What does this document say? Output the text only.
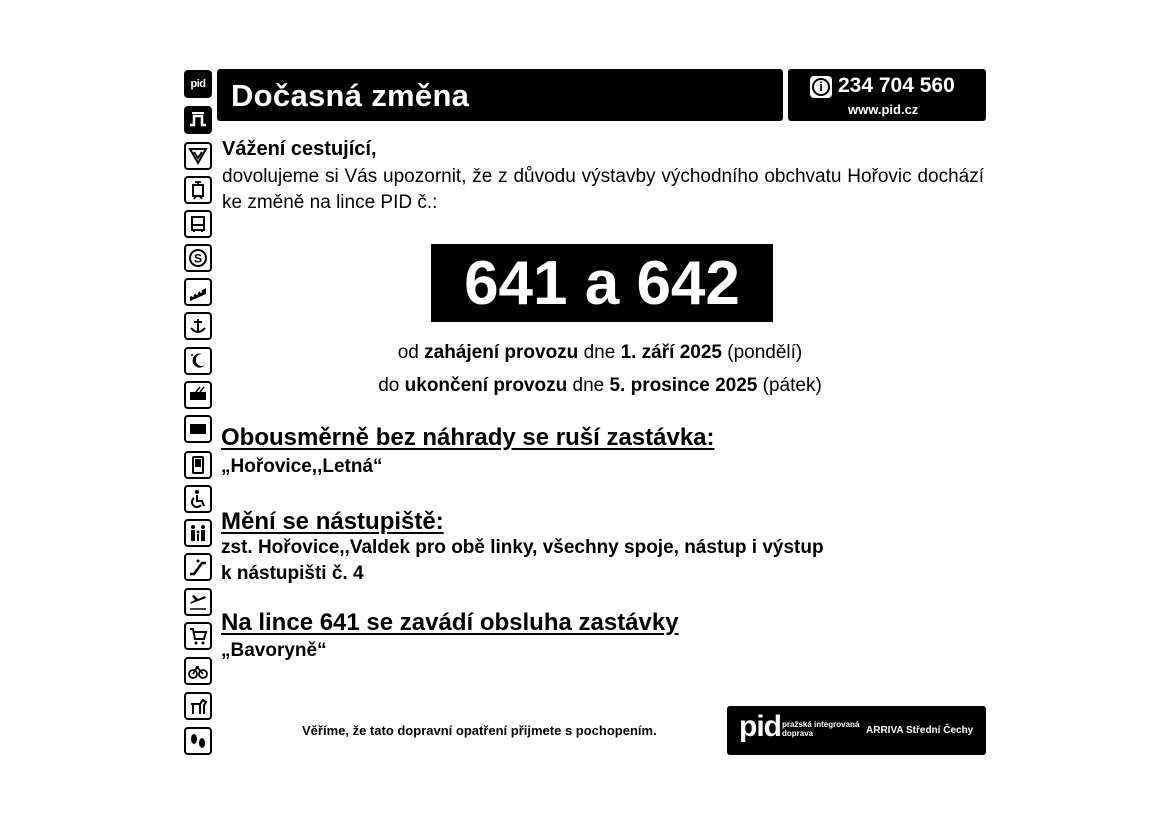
pid
S
Dočasná změna	i 234 704 560
www.pid.cz
Vážení cestující,
dovolujeme si Vás upozornit, že z důvodu výstavby východního obchvatu Hořovic dochází ke změně na lince PID č.:
641 a 642
od zahájení provozu dne 1. září 2025 (pondělí)
do ukončení provozu dne 5. prosince 2025 (pátek)
Obousměrně bez náhrady se ruší zastávka:
„Hořovice,,Letná“
Mění se nástupiště:
zst. Hořovice,,Valdek pro obě linky, všechny spoje, nástup i výstup
k nástupišti č. 4
Na lince 641 se zavádí obsluha zastávky
„Bavoryně“
Věříme, že tato dopravní opatření přijmete s pochopením.	pid pražská integrovaná doprava	ARRIVA Střední Čechy
